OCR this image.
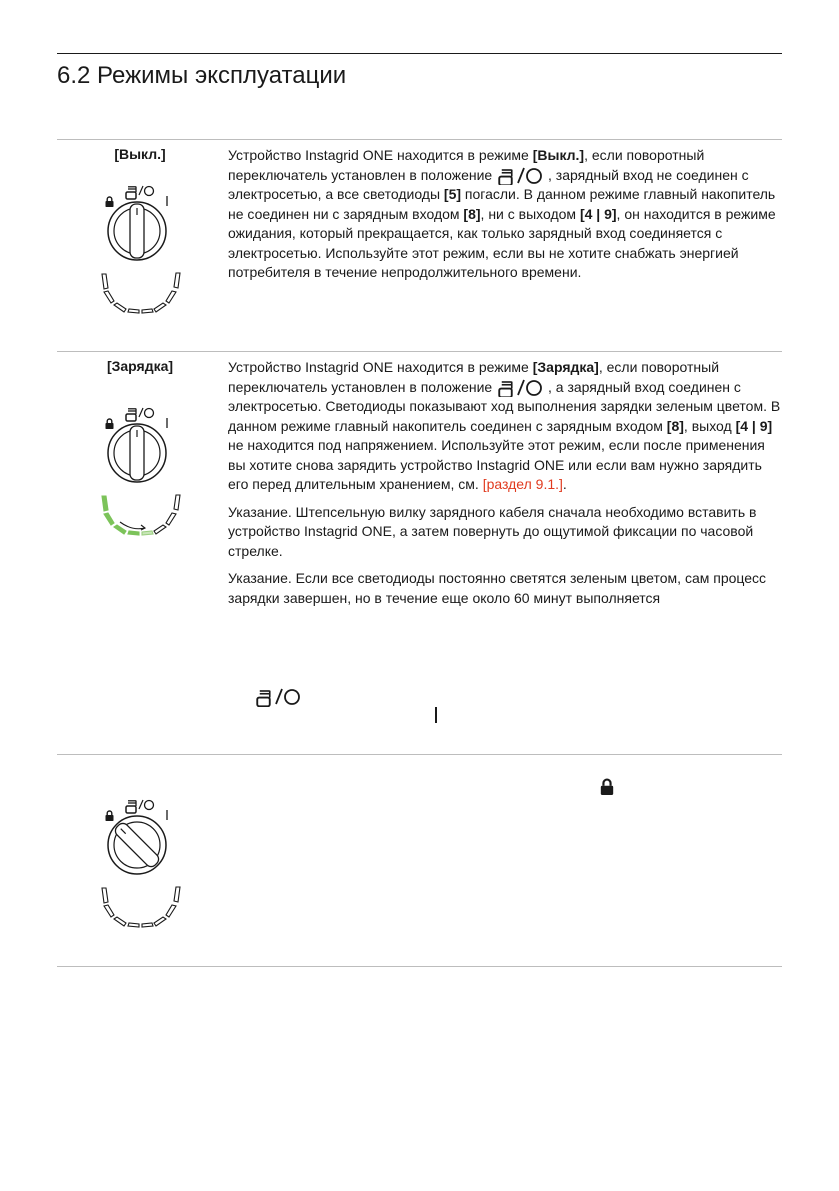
6.2 Режимы эксплуатации
[Выкл.]	Устройство Instagrid ONE находится в режиме [Выкл.], если поворотный переключатель установлен в положение	, зарядный вход не соединен с электросетью, а все светодиоды [5] погасли. В данном режиме главный накопитель не соединен ни с зарядным входом [8], ни с выходом [4 | 9], он находится в режиме ожидания, который прекращается, как только зарядный вход соединяется с электросетью. Используйте этот режим, если вы не хотите снабжать энергией потребителя в течение непродолжительного времени.

[Зарядка]	Устройство Instagrid ONE находится в режиме [Зарядка], если поворотный переключатель установлен в положение	, а зарядный вход соединен с электросетью. Светодиоды показывают ход выполнения зарядки зеленым цветом. В данном режиме главный накопитель соединен с зарядным входом [8], выход [4 | 9] не находится под напряжением. Используйте этот режим, если после применения вы хотите снова зарядить устройство Instagrid ONE или если вам нужно зарядить его перед длительным хранением, см. [раздел 9.1.].

Указание. Штепсельную вилку зарядного кабеля сначала необходимо вставить в устройство Instagrid ONE, а затем повернуть до ощутимой фиксации по часовой стрелке.

Указание. Если все светодиоды постоянно светятся зеленым цветом, сам процесс зарядки завершен, но в течение еще около 60 минут выполняется
